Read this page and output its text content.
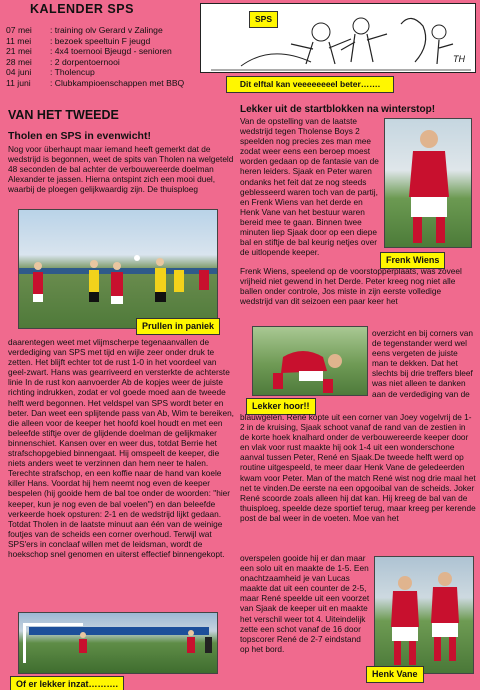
KALENDER SPS
07 mei	: training olv Gerard v Zalinge
11 mei	: bezoek speeltuin F jeugd
21 mei	: 4x4 toernooi Bjeugd - senioren
28 mei	: 2 dorpentoernooi
04 juni	: Tholencup
11 juni	: Clubkampioenschappen met BBQ
SPS
TH
Dit elftal kan veeeeeeeel beter…….
VAN HET TWEEDE
Tholen en SPS in evenwicht!
Nog voor überhaupt maar iemand heeft gemerkt dat de wedstrijd is begonnen, weet de spits van Tholen na welgeteld 48 seconden de bal achter de verbouwereerde doelman Alexander te jassen. Hierna ontspint zich een mooi duel, waarbij de ploegen gelijkwaardig zijn. De thuisploeg
Prullen in paniek
daarentegen weet met vlijmscherpe tegenaanvallen de verdediging van SPS met tijd en wijle zeer onder druk te zetten. Het blijft echter tot de rust 1-0 in het voordeel van geel-zwart. Hans was gearriveerd en versterkte de achterste linie In de rust kon aanvoerder Ab de kopjes weer de juiste richting indrukken, zodat er vol goede moed aan de tweede helft werd begonnen. Het veldspel van SPS wordt beter en beter. Dan weet een splijtende pass van Ab, Wim te bereiken, die alleen voor de keeper het hoofd koel houdt en met een beleefde stiftje over de glijdende doelman de gelijkmaker binnenschiet. Kansen over en weer dus, totdat Berrie het strafschopgebied binnengaat. Hij omspeelt de keeper, die niets anders weet te verzinnen dan hem neer te halen. Terechte strafschop, en een koffie naar de hand van koele killer Hans. Voordat hij hem neemt nog even de keeper bespelen (hij gooide hem de bal toe onder de woorden: "hier keeper, kun je nog even de bal voelen") en dan beleefde verkeerde hoek opsturen: 2-1 en de wedstrijd lijkt gedaan. Totdat Tholen in de laatste minuut aan één van de weinige foutjes van de scheids een corner overhoud. Terwijl wat SPS'ers in conclaaf willen met de leidsman, wordt de hoekschop snel genomen en uiterst effectief binnengekopt.
Of er lekker inzat……….
Lekker uit de startblokken na winterstop!
Van de opstelling van de laatste wedstrijd tegen Tholense Boys 2 speelden nog precies zes man mee zodat weer eens een beroep moest worden gedaan op de fantasie van de heren leiders. Sjaak en Peter waren ondanks het feit dat ze nog steeds geblesseerd waren toch van de partij, en Frenk Wiens van het derde en Henk Vane van het bestuur waren bereid mee te gaan. Binnen twee minuten liep Sjaak door op een diepe bal en stiftje de bal keurig netjes over de uitlopende keeper.
Frenk Wiens
Frenk Wiens, speelend op de voorstopperplaats, was zoveel vrijheid niet gewend in het Derde. Peter kreeg nog niet alle ballen onder controle, Jos miste in zijn eerste volledige wedstrijd van dit seizoen een paar keer het
overzicht en bij corners van de tegenstander werd wel eens vergeten de juiste man te dekken. Dat het slechts bij drie treffers bleef was niet alleen te danken aan de verdediging van de
Lekker hoor!!
blauwgelen. René kopte uit een corner van Joey vogelvrij de 1-2 in de kruising, Sjaak schoot vanaf de rand van de zestien in de korte hoek knalhard onder de verbouwereerde keeper door en vlak voor rust maakte hij ook 1-4 uit een wonderschone aanval tussen Peter, René en Sjaak.De tweede helft werd op routine uitgespeeld, te meer daar Henk Vane de geledeerden kwam voor Peter. Man of the match René wist nog drie maal het net te vinden.De eerste na een opgooibal van de scheids. Joker René scoorde zoals alleen hij dat kan. Hij kreeg de bal van de thuisploeg, speelde deze sportief terug, maar kreeg per kerende post de bal weer in de voeten. Moe van het
overspelen gooide hij er dan maar een solo uit en maakte de 1-5. Een onachtzaamheid je van Lucas maakte dat uit een counter de 2-5, maar René speelde uit een voorzet van Sjaak de keeper uit en maakte het verschil weer tot 4. Uiteindelijk zette een schot vanaf de 16 door topscorer René de 2-7 eindstand op het bord.
Henk Vane
